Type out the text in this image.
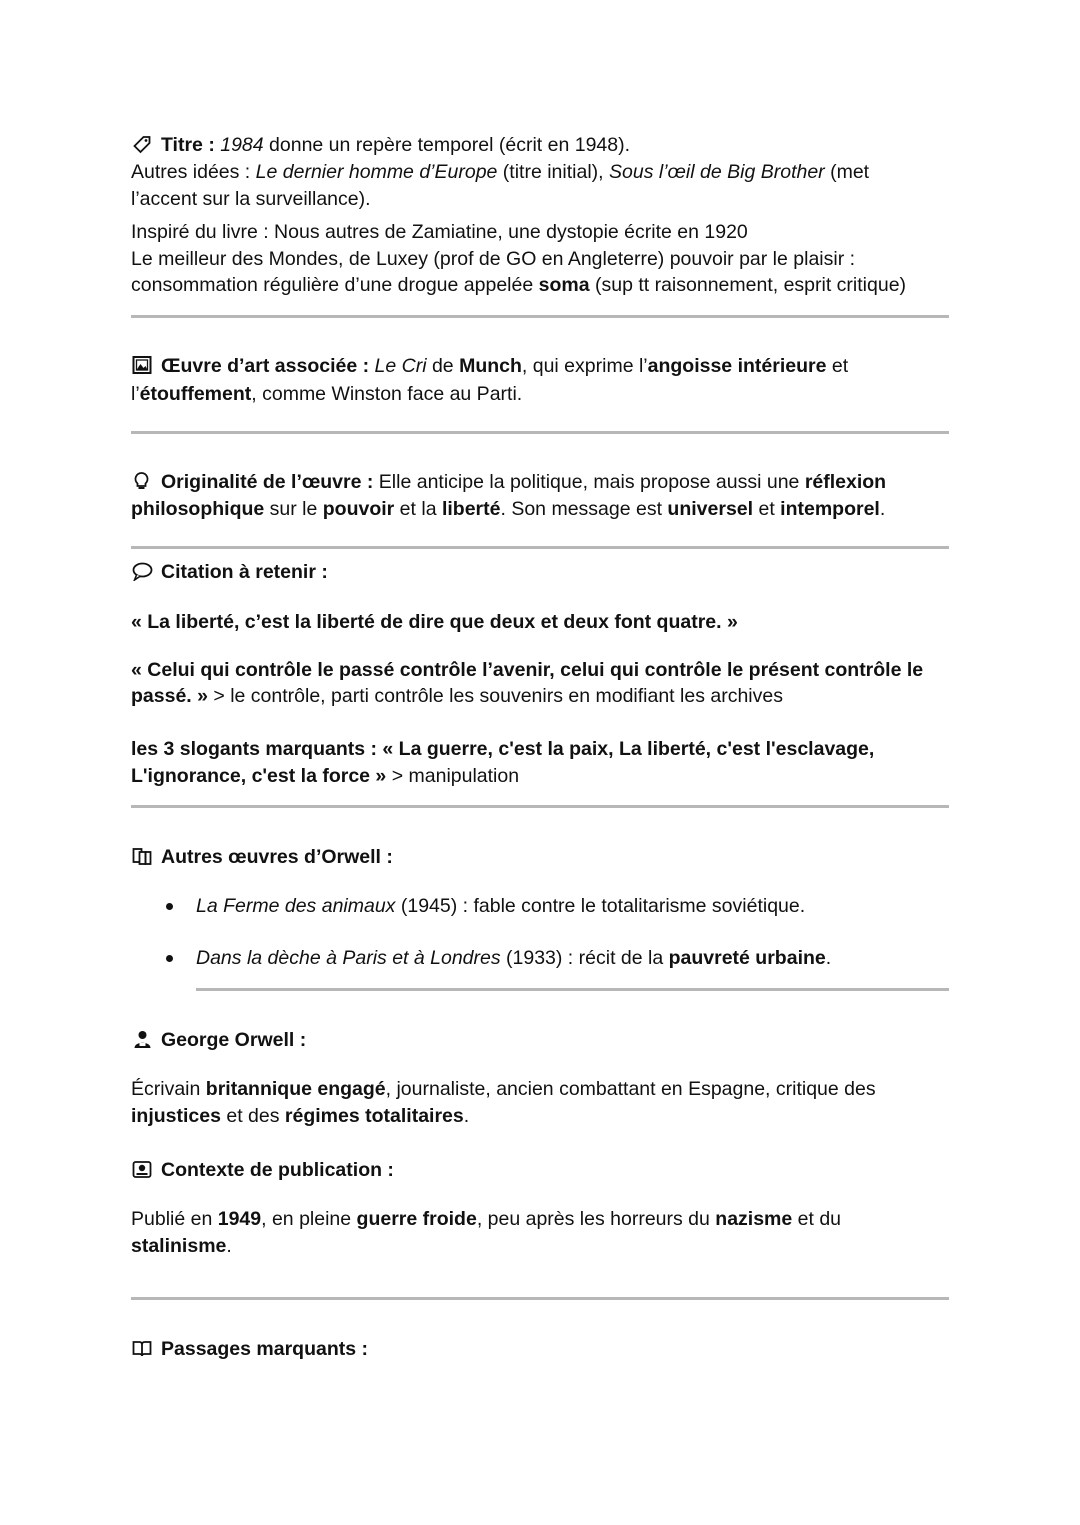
Titre : 1984 donne un repère temporel (écrit en 1948).
Autres idées : Le dernier homme d’Europe (titre initial), Sous l’œil de Big Brother (met
l’accent sur la surveillance).
Inspiré du livre : Nous autres de Zamiatine, une dystopie écrite en 1920
Le meilleur des Mondes, de Luxey (prof de GO en Angleterre) pouvoir par le plaisir :
consommation régulière d’une drogue appelée soma (sup tt raisonnement, esprit critique)
Œuvre d’art associée : Le Cri de Munch, qui exprime l’angoisse intérieure et
l’étouffement, comme Winston face au Parti.
Originalité de l’œuvre : Elle anticipe la politique, mais propose aussi une réflexion
philosophique sur le pouvoir et la liberté. Son message est universel et intemporel.
Citation à retenir :
« La liberté, c’est la liberté de dire que deux et deux font quatre. »
« Celui qui contrôle le passé contrôle l’avenir, celui qui contrôle le présent contrôle le
passé. » > le contrôle, parti contrôle les souvenirs en modifiant les archives
les 3 slogants marquants : « La guerre, c'est la paix, La liberté, c'est l'esclavage,
L'ignorance, c'est la force » > manipulation
Autres œuvres d’Orwell :
La Ferme des animaux (1945) : fable contre le totalitarisme soviétique.
Dans la dèche à Paris et à Londres (1933) : récit de la pauvreté urbaine.
George Orwell :
Écrivain britannique engagé, journaliste, ancien combattant en Espagne, critique des
injustices et des régimes totalitaires.
Contexte de publication :
Publié en 1949, en pleine guerre froide, peu après les horreurs du nazisme et du
stalinisme.
Passages marquants :
